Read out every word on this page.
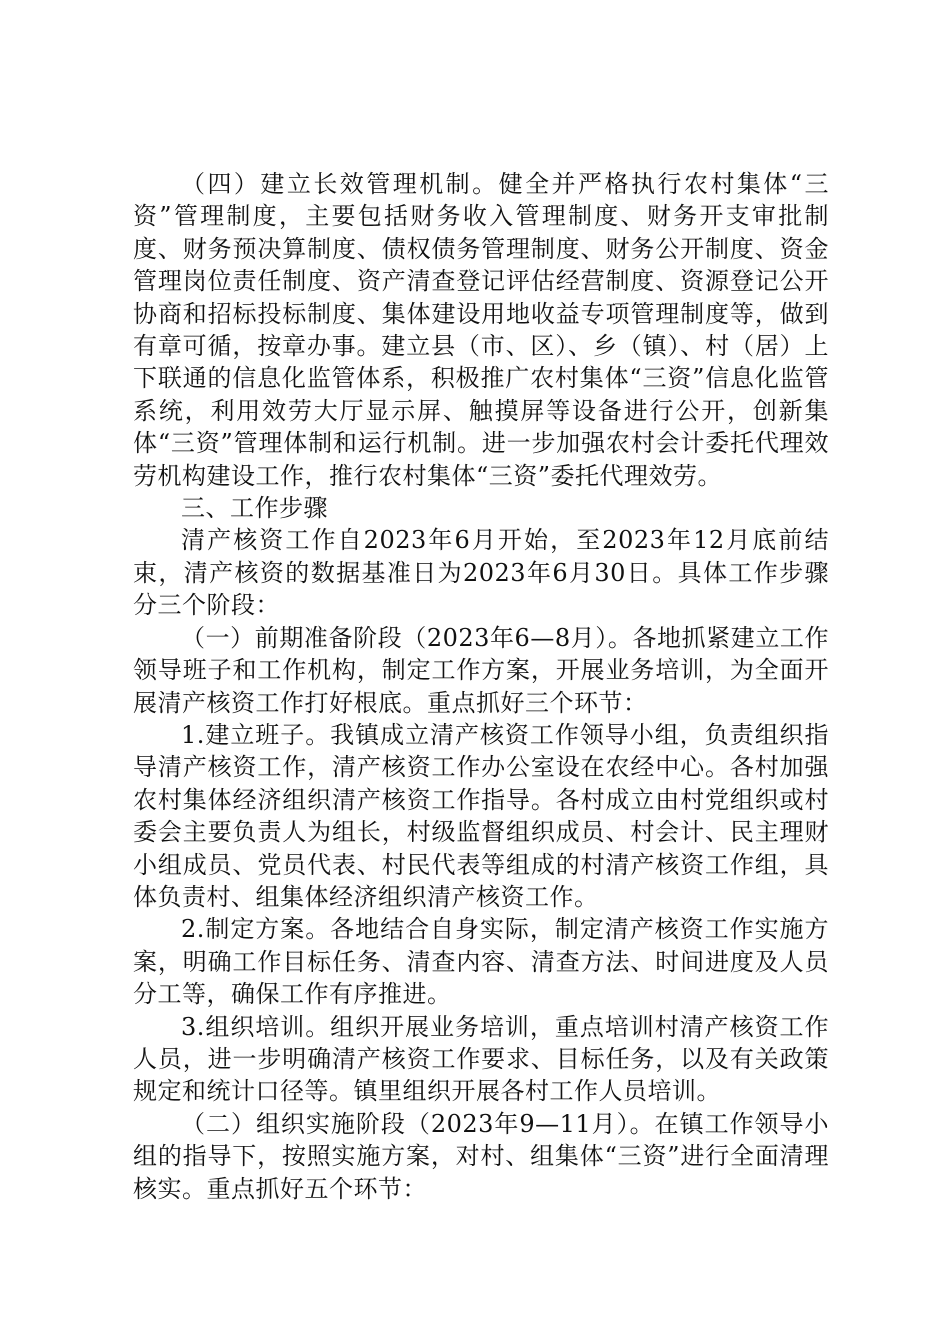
（四）建立长效管理机制。健全并严格执行农村集体“三资”管理制度，主要包括财务收入管理制度、财务开支审批制度、财务预决算制度、债权债务管理制度、财务公开制度、资金管理岗位责任制度、资产清查登记评估经营制度、资源登记公开协商和招标投标制度、集体建设用地收益专项管理制度等，做到有章可循，按章办事。建立县（市、区）、乡（镇）、村（居）上下联通的信息化监管体系，积极推广农村集体“三资”信息化监管系统，利用效劳大厅显示屏、触摸屏等设备进行公开，创新集体“三资”管理体制和运行机制。进一步加强农村会计委托代理效劳机构建设工作，推行农村集体“三资”委托代理效劳。

三、工作步骤

清产核资工作自2023年6月开始，至2023年12月底前结束，清产核资的数据基准日为2023年6月30日。具体工作步骤分三个阶段：

（一）前期准备阶段（2023年6—8月）。各地抓紧建立工作领导班子和工作机构，制定工作方案，开展业务培训，为全面开展清产核资工作打好根底。重点抓好三个环节：

1.建立班子。我镇成立清产核资工作领导小组，负责组织指导清产核资工作，清产核资工作办公室设在农经中心。各村加强农村集体经济组织清产核资工作指导。各村成立由村党组织或村委会主要负责人为组长，村级监督组织成员、村会计、民主理财小组成员、党员代表、村民代表等组成的村清产核资工作组，具体负责村、组集体经济组织清产核资工作。

2.制定方案。各地结合自身实际，制定清产核资工作实施方案，明确工作目标任务、清查内容、清查方法、时间进度及人员分工等，确保工作有序推进。

3.组织培训。组织开展业务培训，重点培训村清产核资工作人员，进一步明确清产核资工作要求、目标任务，以及有关政策规定和统计口径等。镇里组织开展各村工作人员培训。

（二）组织实施阶段（2023年9—11月）。在镇工作领导小组的指导下，按照实施方案，对村、组集体“三资”进行全面清理核实。重点抓好五个环节：
